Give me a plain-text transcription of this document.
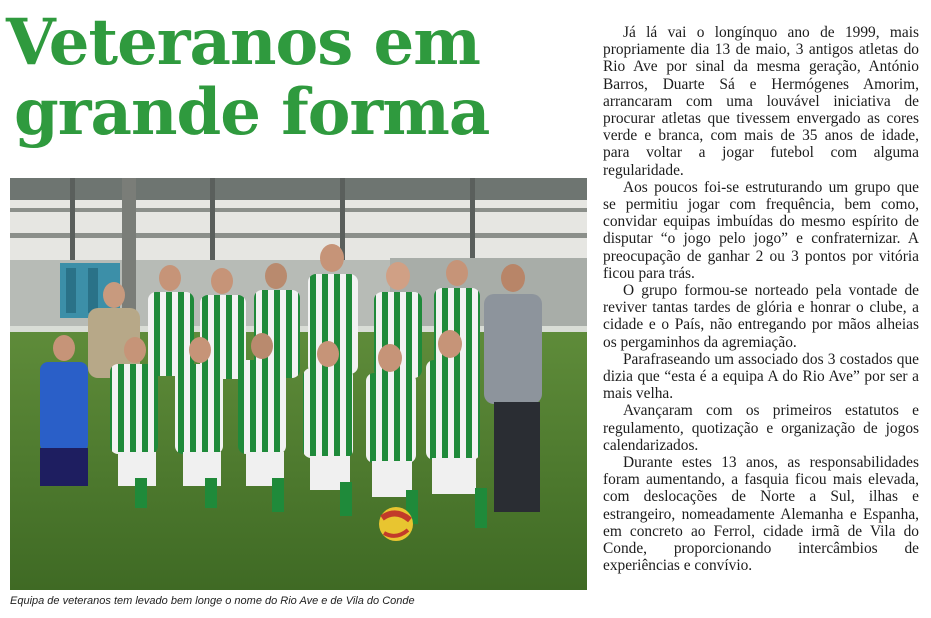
Veteranos em
grande forma
Equipa de veteranos tem levado bem longe o nome do Rio Ave e de Vila do Conde

Já lá vai o longínquo ano de 1999, mais propriamente dia 13 de maio, 3 antigos atletas do Rio Ave por sinal da mesma geração, António Barros, Duarte Sá e Hermógenes Amorim, arrancaram com uma louvável iniciativa de procurar atletas que tivessem envergado as cores verde e branca, com mais de 35 anos de idade, para voltar a jogar futebol com alguma regularidade.

Aos poucos foi-se estruturando um grupo que se permitiu jogar com frequência, bem como, convidar equipas imbuídas do mesmo espírito de disputar “o jogo pelo jogo” e confraternizar. A preocupação de ganhar 2 ou 3 pontos por vitória ficou para trás.

O grupo formou-se norteado pela vontade de reviver tantas tardes de glória e honrar o clube, a cidade e o País, não entregando por mãos alheias os pergaminhos da agremiação.

Parafraseando um associado dos 3 costados que dizia que “esta é a equipa A do Rio Ave” por ser a mais velha.

Avançaram com os primeiros estatutos e regulamento, quotização e organização de jogos calendarizados.

Durante estes 13 anos, as responsabilidades foram aumentando, a fasquia ficou mais elevada, com deslocações de Norte a Sul, ilhas e estrangeiro, nomeadamente Alemanha e Espanha, em concreto ao Ferrol, cidade irmã de Vila do Conde, proporcionando intercâmbios de experiências e convívio.
